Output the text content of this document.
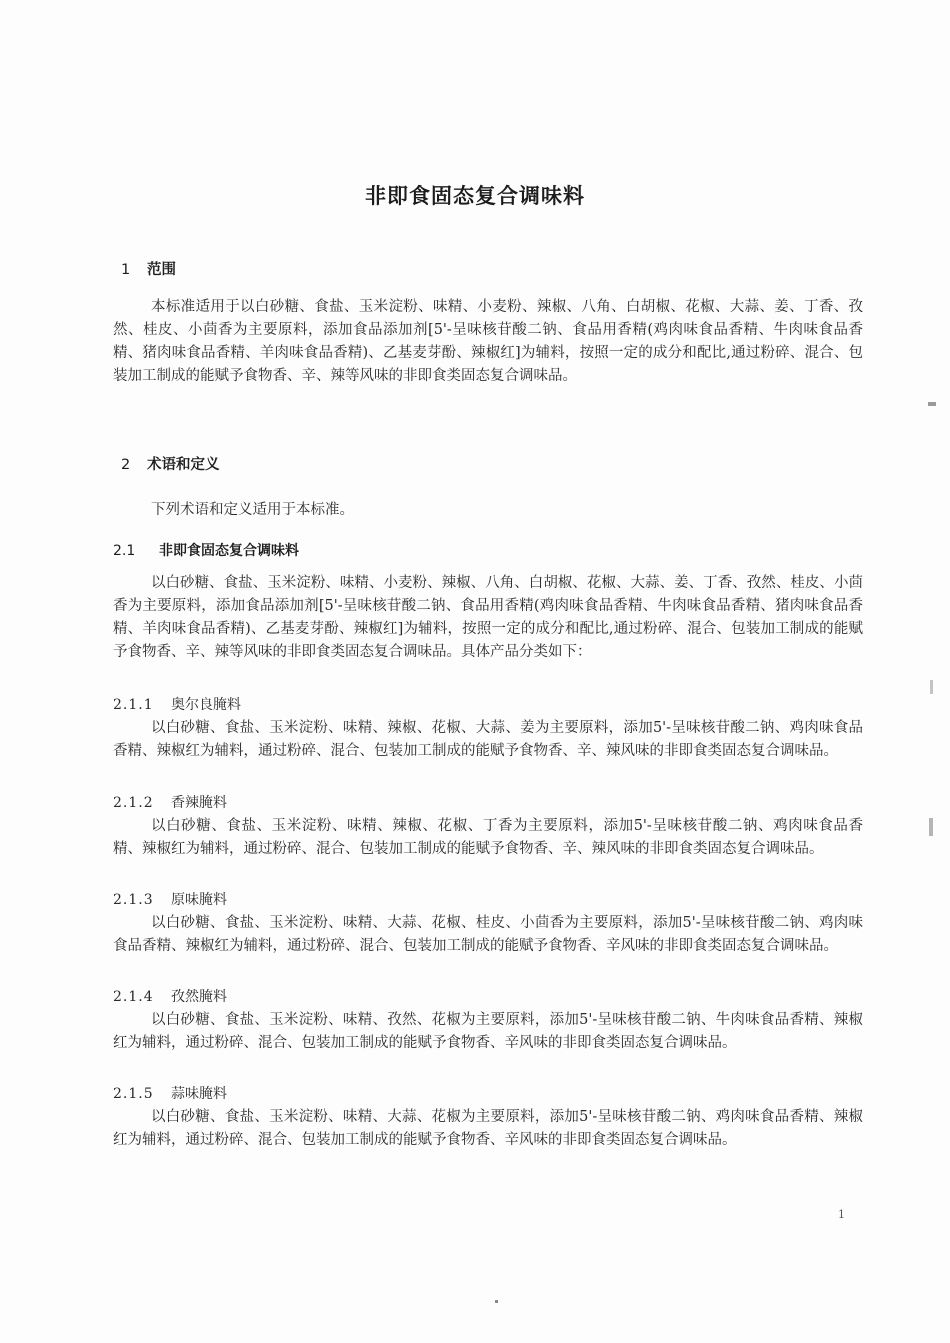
非即食固态复合调味料
1 范围

本标准适用于以白砂糖、食盐、玉米淀粉、味精、小麦粉、辣椒、八角、白胡椒、花椒、大蒜、姜、丁香、孜然、桂皮、小茴香为主要原料，添加食品添加剂[5'-呈味核苷酸二钠、食品用香精(鸡肉味食品香精、牛肉味食品香精、猪肉味食品香精、羊肉味食品香精)、乙基麦芽酚、辣椒红]为辅料，按照一定的成分和配比,通过粉碎、混合、包装加工制成的能赋予食物香、辛、辣等风味的非即食类固态复合调味品。

2 术语和定义

下列术语和定义适用于本标准。

2.1 非即食固态复合调味料

以白砂糖、食盐、玉米淀粉、味精、小麦粉、辣椒、八角、白胡椒、花椒、大蒜、姜、丁香、孜然、桂皮、小茴香为主要原料，添加食品添加剂[5'-呈味核苷酸二钠、食品用香精(鸡肉味食品香精、牛肉味食品香精、猪肉味食品香精、羊肉味食品香精)、乙基麦芽酚、辣椒红]为辅料，按照一定的成分和配比,通过粉碎、混合、包装加工制成的能赋予食物香、辛、辣等风味的非即食类固态复合调味品。具体产品分类如下：

2.1.1 奥尔良腌料

以白砂糖、食盐、玉米淀粉、味精、辣椒、花椒、大蒜、姜为主要原料，添加5'-呈味核苷酸二钠、鸡肉味食品香精、辣椒红为辅料，通过粉碎、混合、包装加工制成的能赋予食物香、辛、辣风味的非即食类固态复合调味品。

2.1.2 香辣腌料

以白砂糖、食盐、玉米淀粉、味精、辣椒、花椒、丁香为主要原料，添加5'-呈味核苷酸二钠、鸡肉味食品香精、辣椒红为辅料，通过粉碎、混合、包装加工制成的能赋予食物香、辛、辣风味的非即食类固态复合调味品。

2.1.3 原味腌料

以白砂糖、食盐、玉米淀粉、味精、大蒜、花椒、桂皮、小茴香为主要原料，添加5'-呈味核苷酸二钠、鸡肉味食品香精、辣椒红为辅料，通过粉碎、混合、包装加工制成的能赋予食物香、辛风味的非即食类固态复合调味品。

2.1.4 孜然腌料

以白砂糖、食盐、玉米淀粉、味精、孜然、花椒为主要原料，添加5'-呈味核苷酸二钠、牛肉味食品香精、辣椒红为辅料，通过粉碎、混合、包装加工制成的能赋予食物香、辛风味的非即食类固态复合调味品。

2.1.5 蒜味腌料

以白砂糖、食盐、玉米淀粉、味精、大蒜、花椒为主要原料，添加5'-呈味核苷酸二钠、鸡肉味食品香精、辣椒红为辅料，通过粉碎、混合、包装加工制成的能赋予食物香、辛风味的非即食类固态复合调味品。

1
